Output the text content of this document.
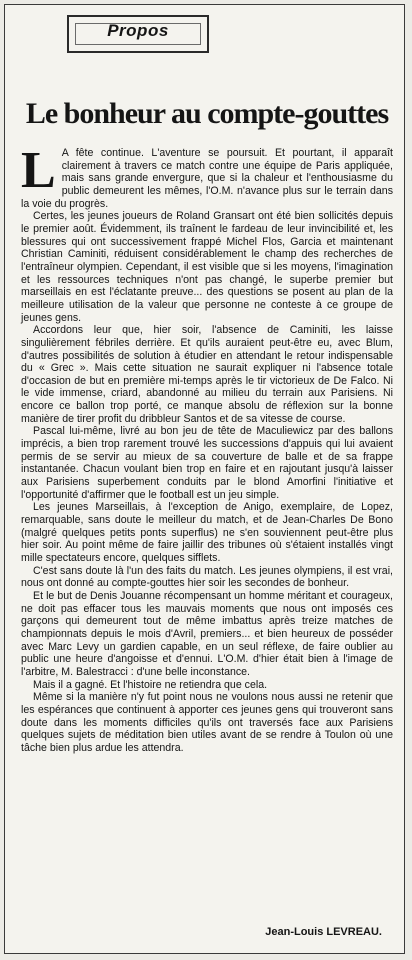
Propos
Le bonheur au compte-gouttes

L A fête continue. L'aventure se poursuit. Et pourtant, il apparaît clairement à travers ce match contre une équipe de Paris appliquée, mais sans grande envergure, que si la chaleur et l'enthousiasme du public demeurent les mêmes, l'O.M. n'avance plus sur le terrain dans la voie du progrès.

Certes, les jeunes joueurs de Roland Gransart ont été bien sollicités depuis le premier août. Évidemment, ils traînent le fardeau de leur invincibilité et, les blessures qui ont successivement frappé Michel Flos, Garcia et maintenant Christian Caminiti, réduisent considérablement le champ des recherches de l'entraîneur olympien. Cependant, il est visible que si les moyens, l'imagination et les ressources techniques n'ont pas changé, le superbe premier but marseillais en est l'éclatante preuve... des questions se posent au plan de la meilleure utilisation de la valeur que personne ne conteste à ce groupe de jeunes gens.

Accordons leur que, hier soir, l'absence de Caminiti, les laisse singulièrement fébriles derrière. Et qu'ils auraient peut-être eu, avec Blum, d'autres possibilités de solution à étudier en attendant le retour indispensable du « Grec ». Mais cette situation ne saurait expliquer ni l'absence totale d'occasion de but en première mi-temps après le tir victorieux de De Falco. Ni le vide immense, criard, abandonné au milieu du terrain aux Parisiens. Ni encore ce ballon trop porté, ce manque absolu de réflexion sur la bonne manière de tirer profit du dribbleur Santos et de sa vitesse de course.

Pascal lui-même, livré au bon jeu de tête de Maculiewicz par des ballons imprécis, a bien trop rarement trouvé les successions d'appuis qui lui avaient permis de se servir au mieux de sa couverture de balle et de sa frappe instantanée. Chacun voulant bien trop en faire et en rajoutant jusqu'à laisser aux Parisiens superbement conduits par le blond Amorfini l'initiative et l'opportunité d'affirmer que le football est un jeu simple.

Les jeunes Marseillais, à l'exception de Anigo, exemplaire, de Lopez, remarquable, sans doute le meilleur du match, et de Jean-Charles De Bono (malgré quelques petits ponts superflus) ne s'en souviennent peut-être plus hier soir. Au point même de faire jaillir des tribunes où s'étaient installés vingt mille spectateurs encore, quelques sifflets.

C'est sans doute là l'un des faits du match. Les jeunes olympiens, il est vrai, nous ont donné au compte-gouttes hier soir les secondes de bonheur.

Et le but de Denis Jouanne récompensant un homme méritant et courageux, ne doit pas effacer tous les mauvais moments que nous ont imposés ces garçons qui demeurent tout de même imbattus après treize matches de championnats depuis le mois d'Avril, premiers... et bien heureux de posséder avec Marc Levy un gardien capable, en un seul réflexe, de faire oublier au public une heure d'angoisse et d'ennui. L'O.M. d'hier était bien à l'image de l'arbitre, M. Balestracci : d'une belle inconstance.

Mais il a gagné. Et l'histoire ne retiendra que cela.

Même si la manière n'y fut point nous ne voulons nous aussi ne retenir que les espérances que continuent à apporter ces jeunes gens qui trouveront sans doute dans les moments difficiles qu'ils ont traversés face aux Parisiens quelques sujets de méditation bien utiles avant de se rendre à Toulon où une tâche bien plus ardue les attendra.

Jean-Louis LEVREAU.
